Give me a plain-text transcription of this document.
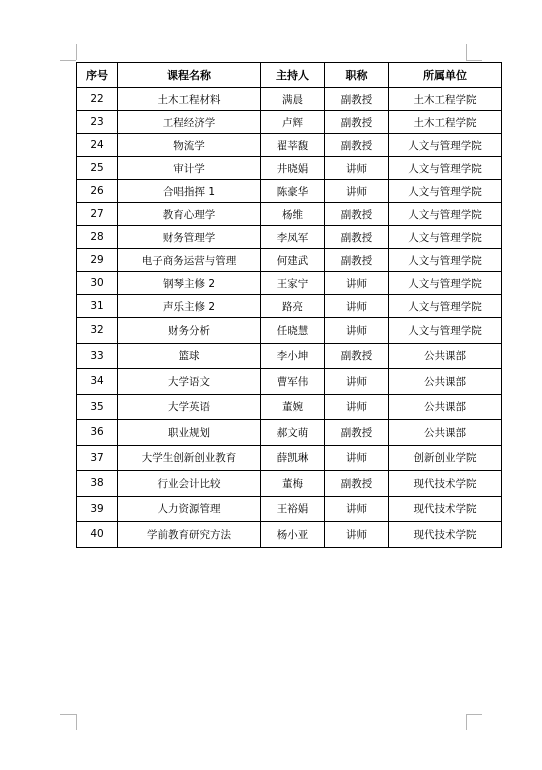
序号	课程名称	主持人	职称	所属单位
22	土木工程材料	满晨	副教授	土木工程学院
23	工程经济学	卢辉	副教授	土木工程学院
24	物流学	翟莘馥	副教授	人文与管理学院
25	审计学	井晓娟	讲师	人文与管理学院
26	合唱指挥 1	陈豪华	讲师	人文与管理学院
27	教育心理学	杨维	副教授	人文与管理学院
28	财务管理学	李凤军	副教授	人文与管理学院
29	电子商务运营与管理	何建武	副教授	人文与管理学院
30	钢琴主修 2	王家宁	讲师	人文与管理学院
31	声乐主修 2	路亮	讲师	人文与管理学院
32	财务分析	任晓慧	讲师	人文与管理学院
33	篮球	李小坤	副教授	公共课部
34	大学语文	曹军伟	讲师	公共课部
35	大学英语	董婉	讲师	公共课部
36	职业规划	郝文萌	副教授	公共课部
37	大学生创新创业教育	薛凯琳	讲师	创新创业学院
38	行业会计比较	董梅	副教授	现代技术学院
39	人力资源管理	王裕娟	讲师	现代技术学院
40	学前教育研究方法	杨小亚	讲师	现代技术学院
